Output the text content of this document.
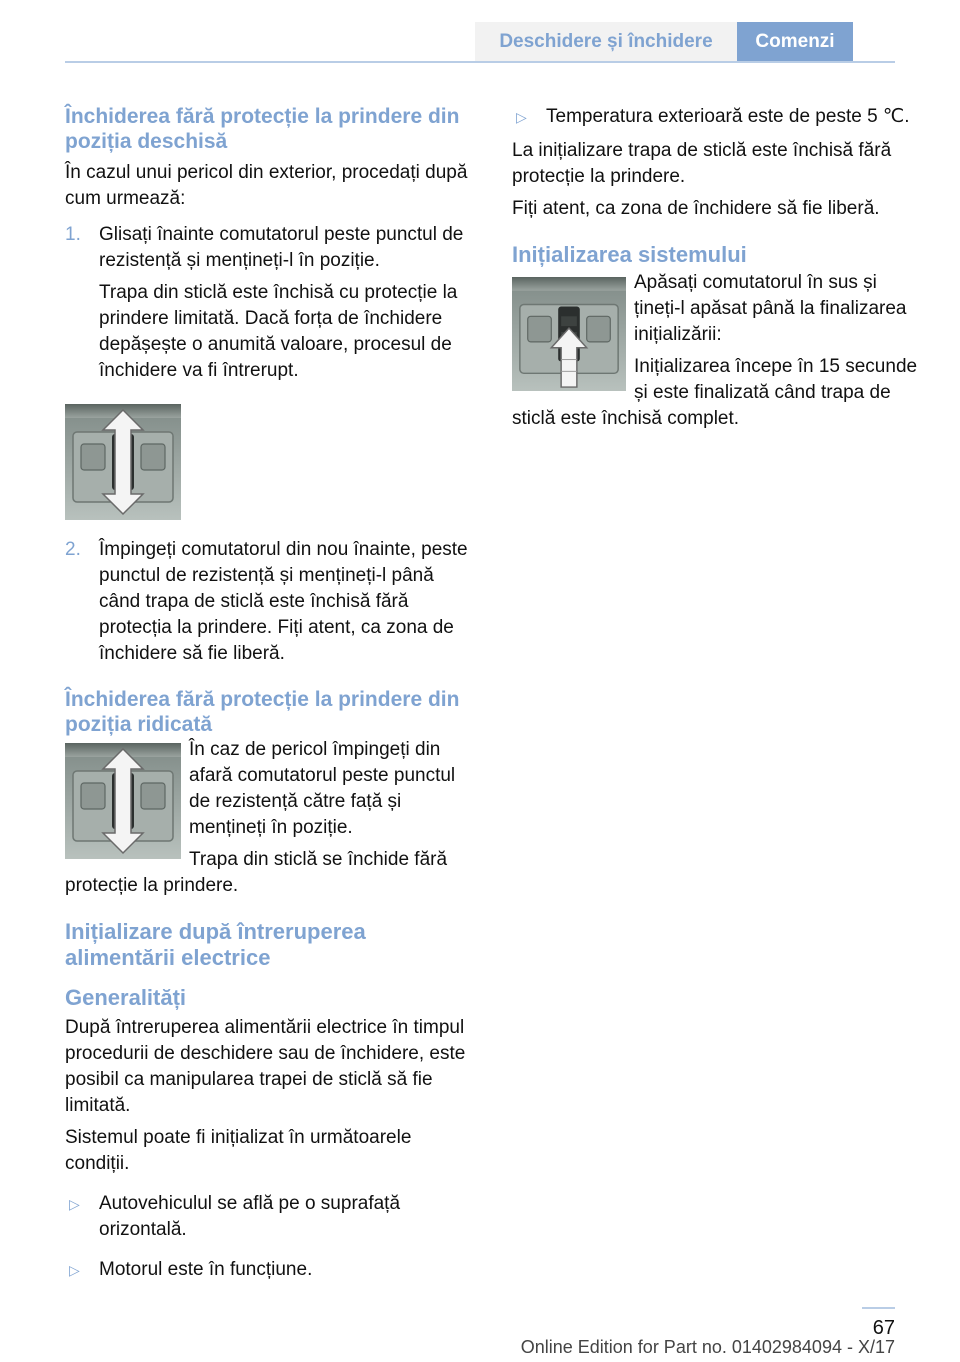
Deschidere și închidere	Comenzi
Închiderea fără protecție la prindere din poziția deschisă

În cazul unui pericol din exterior, procedați după cum urmează:

1. Glisați înainte comutatorul peste punctul de rezistență și mențineți-l în poziție.

Trapa din sticlă este închisă cu protecție la prindere limitată. Dacă forța de închidere depășește o anumită valoare, procesul de închidere va fi întrerupt.

2. Împingeți comutatorul din nou înainte, peste punctul de rezistență și mențineți-l până când trapa de sticlă este închisă fără protecția la prindere. Fiți atent, ca zona de închidere să fie liberă.

Închiderea fără protecție la prindere din poziția ridicată

În caz de pericol împingeți din afară comutatorul peste punctul de rezistență către față și mențineți în poziție.

Trapa din sticlă se închide fără protecție la prindere.

Inițializare după întreruperea alimentării electrice
Generalități

După întreruperea alimentării electrice în timpul procedurii de deschidere sau de închidere, este posibil ca manipularea trapei de sticlă să fie limitată.

Sistemul poate fi inițializat în următoarele condiții.

▷ Autovehiculul se află pe o suprafață orizontală.

▷ Motorul este în funcțiune.

▷ Temperatura exterioară este de peste 5 ℃.

La inițializare trapa de sticlă este închisă fără protecție la prindere.

Fiți atent, ca zona de închidere să fie liberă.

Inițializarea sistemului

Apăsați comutatorul în sus și țineți-l apăsat până la finalizarea inițializării:

Inițializarea începe în 15 secunde și este finalizată când trapa de sticlă este închisă complet.

67
Online Edition for Part no. 01402984094 - X/17
